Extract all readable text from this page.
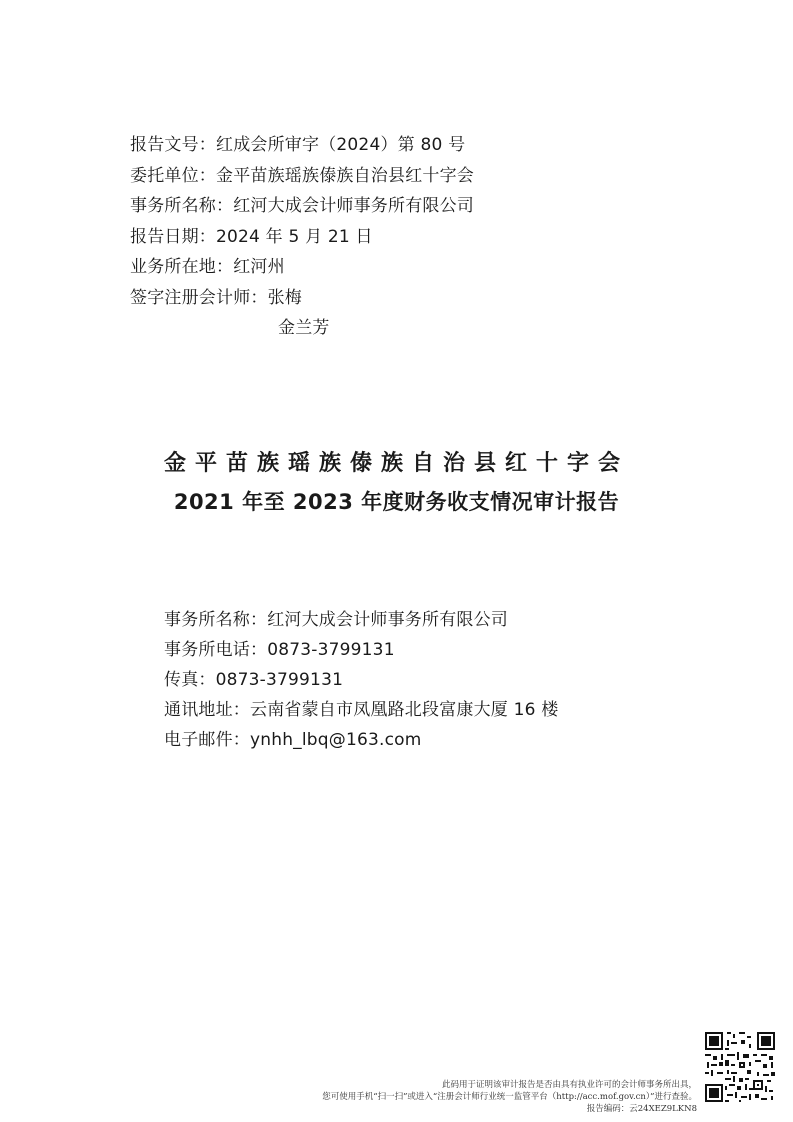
报告文号：红成会所审字（2024）第 80 号
委托单位：金平苗族瑶族傣族自治县红十字会
事务所名称：红河大成会计师事务所有限公司
报告日期：2024 年 5 月 21 日
业务所在地：红河州
签字注册会计师：张梅
金兰芳
金平苗族瑶族傣族自治县红十字会
2021 年至 2023 年度财务收支情况审计报告
事务所名称：红河大成会计师事务所有限公司
事务所电话：0873-3799131
传真：0873-3799131
通讯地址：云南省蒙自市凤凰路北段富康大厦 16 楼
电子邮件：ynhh_lbq@163.com
此码用于证明该审计报告是否由具有执业许可的会计师事务所出具，
您可使用手机“扫一扫”或进入“注册会计师行业统一监管平台（http://acc.mof.gov.cn）”进行查验。
报告编码：云24XEZ9LKN8
